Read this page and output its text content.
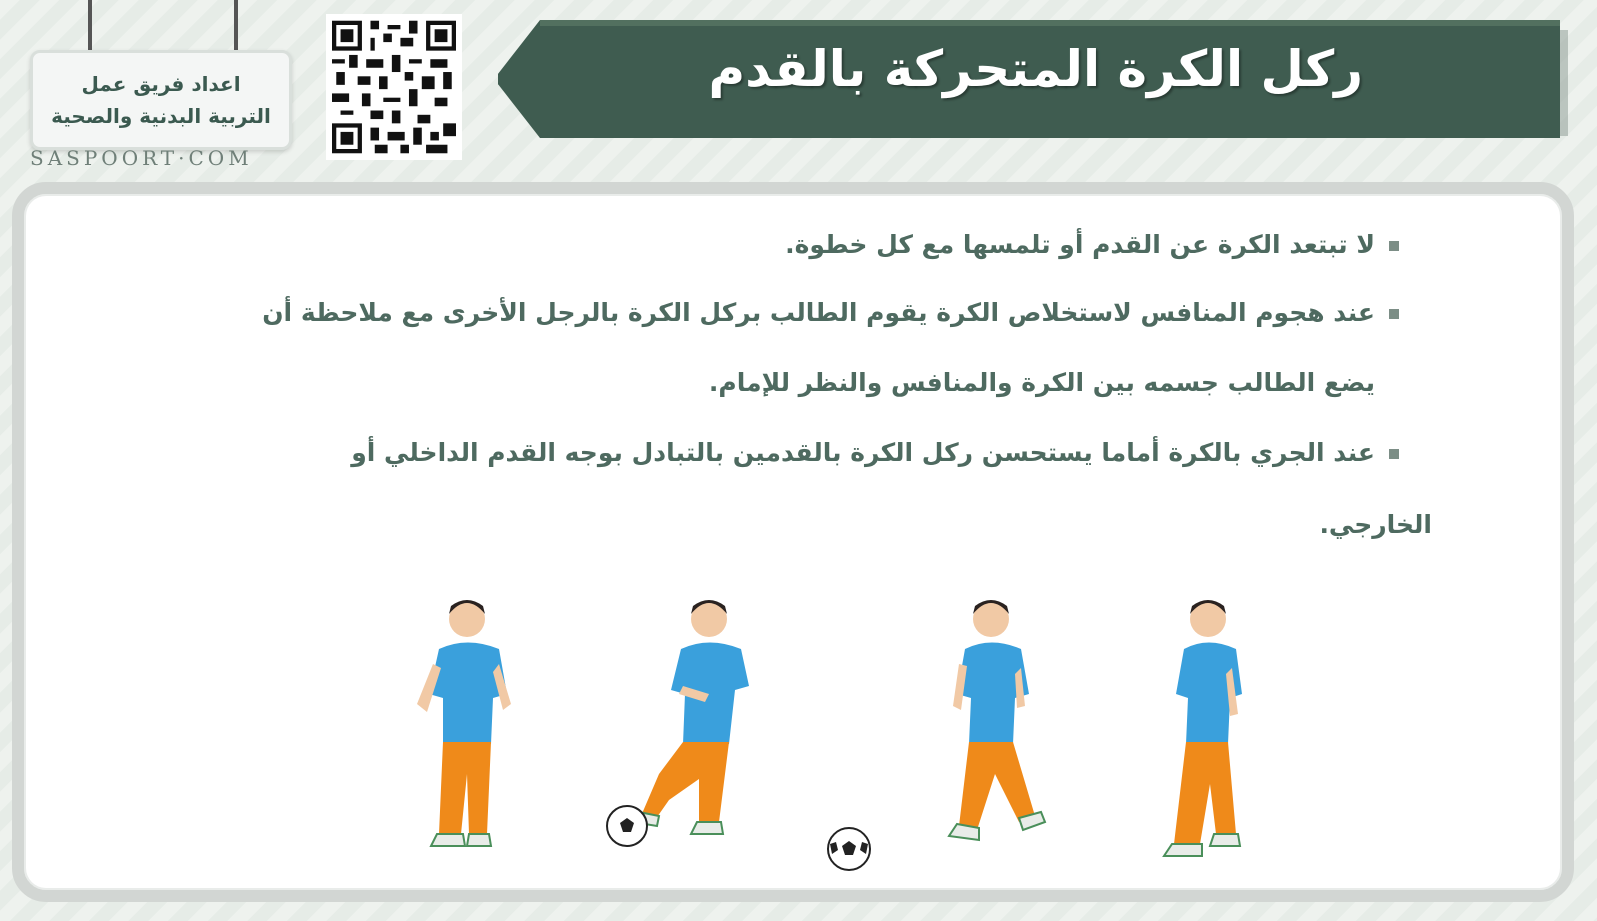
اعداد فريق عمل
التربية البدنية والصحية
SASPOORT·COM
ركل الكرة المتحركة بالقدم
لا تبتعد الكرة عن القدم أو تلمسها مع كل خطوة.
عند هجوم المنافس لاستخلاص الكرة يقوم الطالب بركل الكرة بالرجل الأخرى مع ملاحظة أن
يضع الطالب جسمه بين الكرة والمنافس والنظر للإمام.
عند الجري بالكرة أماما يستحسن ركل الكرة بالقدمين بالتبادل بوجه القدم الداخلي أو
الخارجي.
